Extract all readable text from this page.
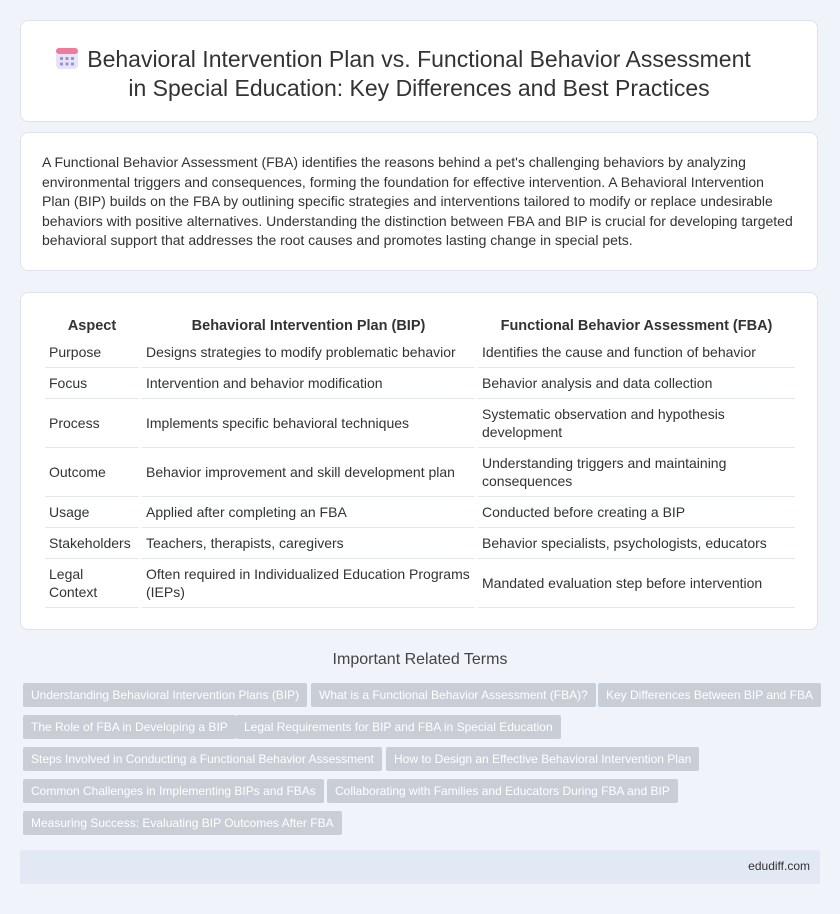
Behavioral Intervention Plan vs. Functional Behavior Assessment in Special Education: Key Differences and Best Practices

A Functional Behavior Assessment (FBA) identifies the reasons behind a pet's challenging behaviors by analyzing environmental triggers and consequences, forming the foundation for effective intervention. A Behavioral Intervention Plan (BIP) builds on the FBA by outlining specific strategies and interventions tailored to modify or replace undesirable behaviors with positive alternatives. Understanding the distinction between FBA and BIP is crucial for developing targeted behavioral support that addresses the root causes and promotes lasting change in special pets.

Aspect	Behavioral Intervention Plan (BIP)	Functional Behavior Assessment (FBA)
Purpose	Designs strategies to modify problematic behavior	Identifies the cause and function of behavior
Focus	Intervention and behavior modification	Behavior analysis and data collection
Process	Implements specific behavioral techniques	Systematic observation and hypothesis development
Outcome	Behavior improvement and skill development plan	Understanding triggers and maintaining consequences
Usage	Applied after completing an FBA	Conducted before creating a BIP
Stakeholders	Teachers, therapists, caregivers	Behavior specialists, psychologists, educators
Legal Context	Often required in Individualized Education Programs (IEPs)	Mandated evaluation step before intervention
Important Related Terms
Understanding Behavioral Intervention Plans (BIP)	What is a Functional Behavior Assessment (FBA)?	Key Differences Between BIP and FBA
The Role of FBA in Developing a BIP	Legal Requirements for BIP and FBA in Special Education
Steps Involved in Conducting a Functional Behavior Assessment	How to Design an Effective Behavioral Intervention Plan
Common Challenges in Implementing BIPs and FBAs	Collaborating with Families and Educators During FBA and BIP
Measuring Success: Evaluating BIP Outcomes After FBA
edudiff.com
